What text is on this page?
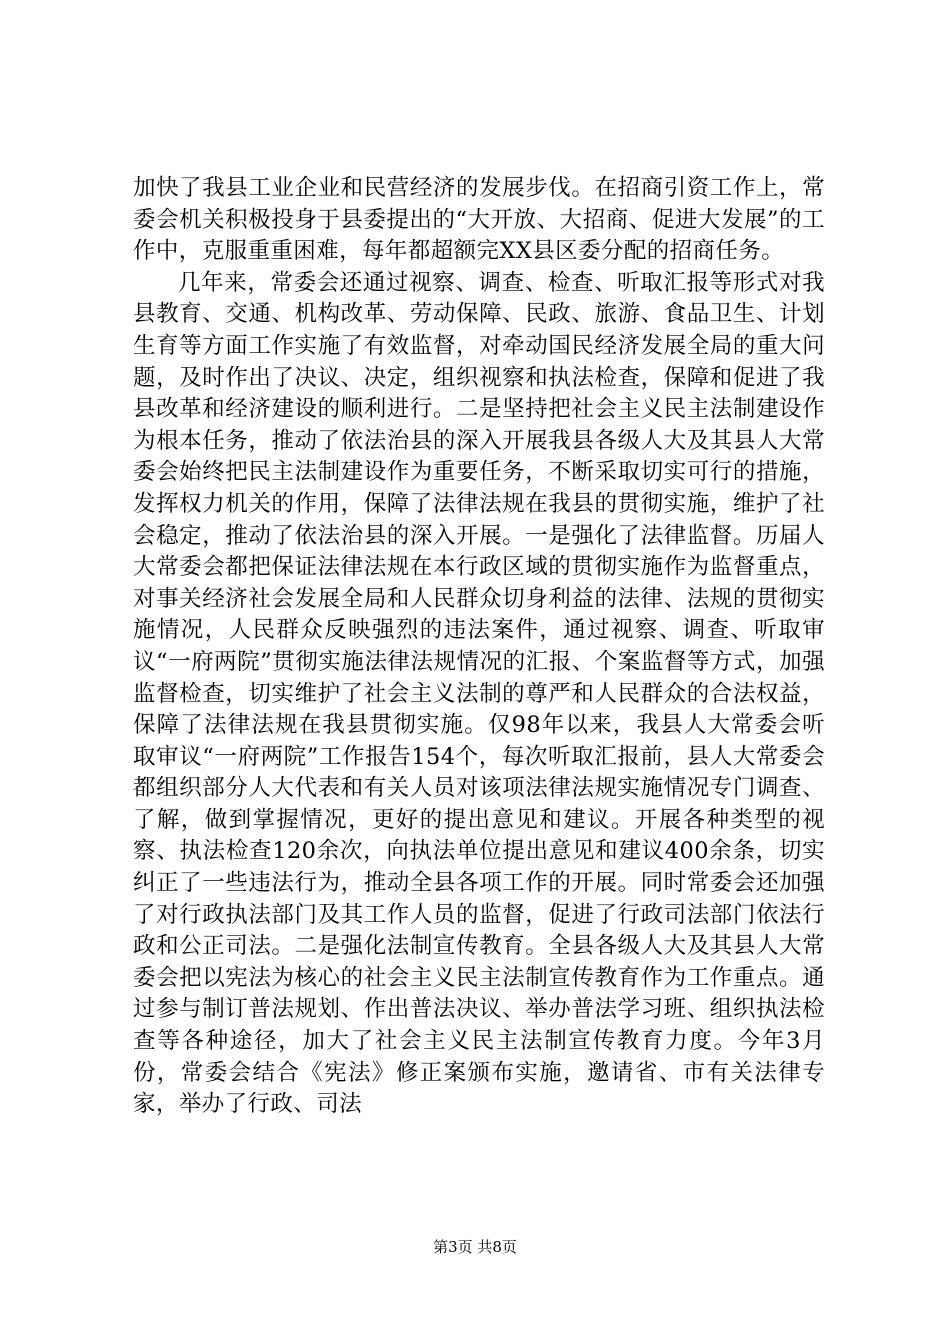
加快了我县工业企业和民营经济的发展步伐。在招商引资工作上，常委会机关积极投身于县委提出的“大开放、大招商、促进大发展”的工作中，克服重重困难，每年都超额完XX县区委分配的招商任务。

几年来，常委会还通过视察、调查、检查、听取汇报等形式对我县教育、交通、机构改革、劳动保障、民政、旅游、食品卫生、计划生育等方面工作实施了有效监督，对牵动国民经济发展全局的重大问题，及时作出了决议、决定，组织视察和执法检查，保障和促进了我县改革和经济建设的顺利进行。二是坚持把社会主义民主法制建设作为根本任务，推动了依法治县的深入开展我县各级人大及其县人大常委会始终把民主法制建设作为重要任务，不断采取切实可行的措施，发挥权力机关的作用，保障了法律法规在我县的贯彻实施，维护了社会稳定，推动了依法治县的深入开展。一是强化了法律监督。历届人大常委会都把保证法律法规在本行政区域的贯彻实施作为监督重点，对事关经济社会发展全局和人民群众切身利益的法律、法规的贯彻实施情况，人民群众反映强烈的违法案件，通过视察、调查、听取审议“一府两院”贯彻实施法律法规情况的汇报、个案监督等方式，加强监督检查，切实维护了社会主义法制的尊严和人民群众的合法权益，保障了法律法规在我县贯彻实施。仅98年以来，我县人大常委会听取审议“一府两院”工作报告154个，每次听取汇报前，县人大常委会都组织部分人大代表和有关人员对该项法律法规实施情况专门调查、了解，做到掌握情况，更好的提出意见和建议。开展各种类型的视察、执法检查120余次，向执法单位提出意见和建议400余条，切实纠正了一些违法行为，推动全县各项工作的开展。同时常委会还加强了对行政执法部门及其工作人员的监督，促进了行政司法部门依法行政和公正司法。二是强化法制宣传教育。全县各级人大及其县人大常委会把以宪法为核心的社会主义民主法制宣传教育作为工作重点。通过参与制订普法规划、作出普法决议、举办普法学习班、组织执法检查等各种途径，加大了社会主义民主法制宣传教育力度。今年3月份，常委会结合《宪法》修正案颁布实施，邀请省、市有关法律专家，举办了行政、司法

第3页 共8页
